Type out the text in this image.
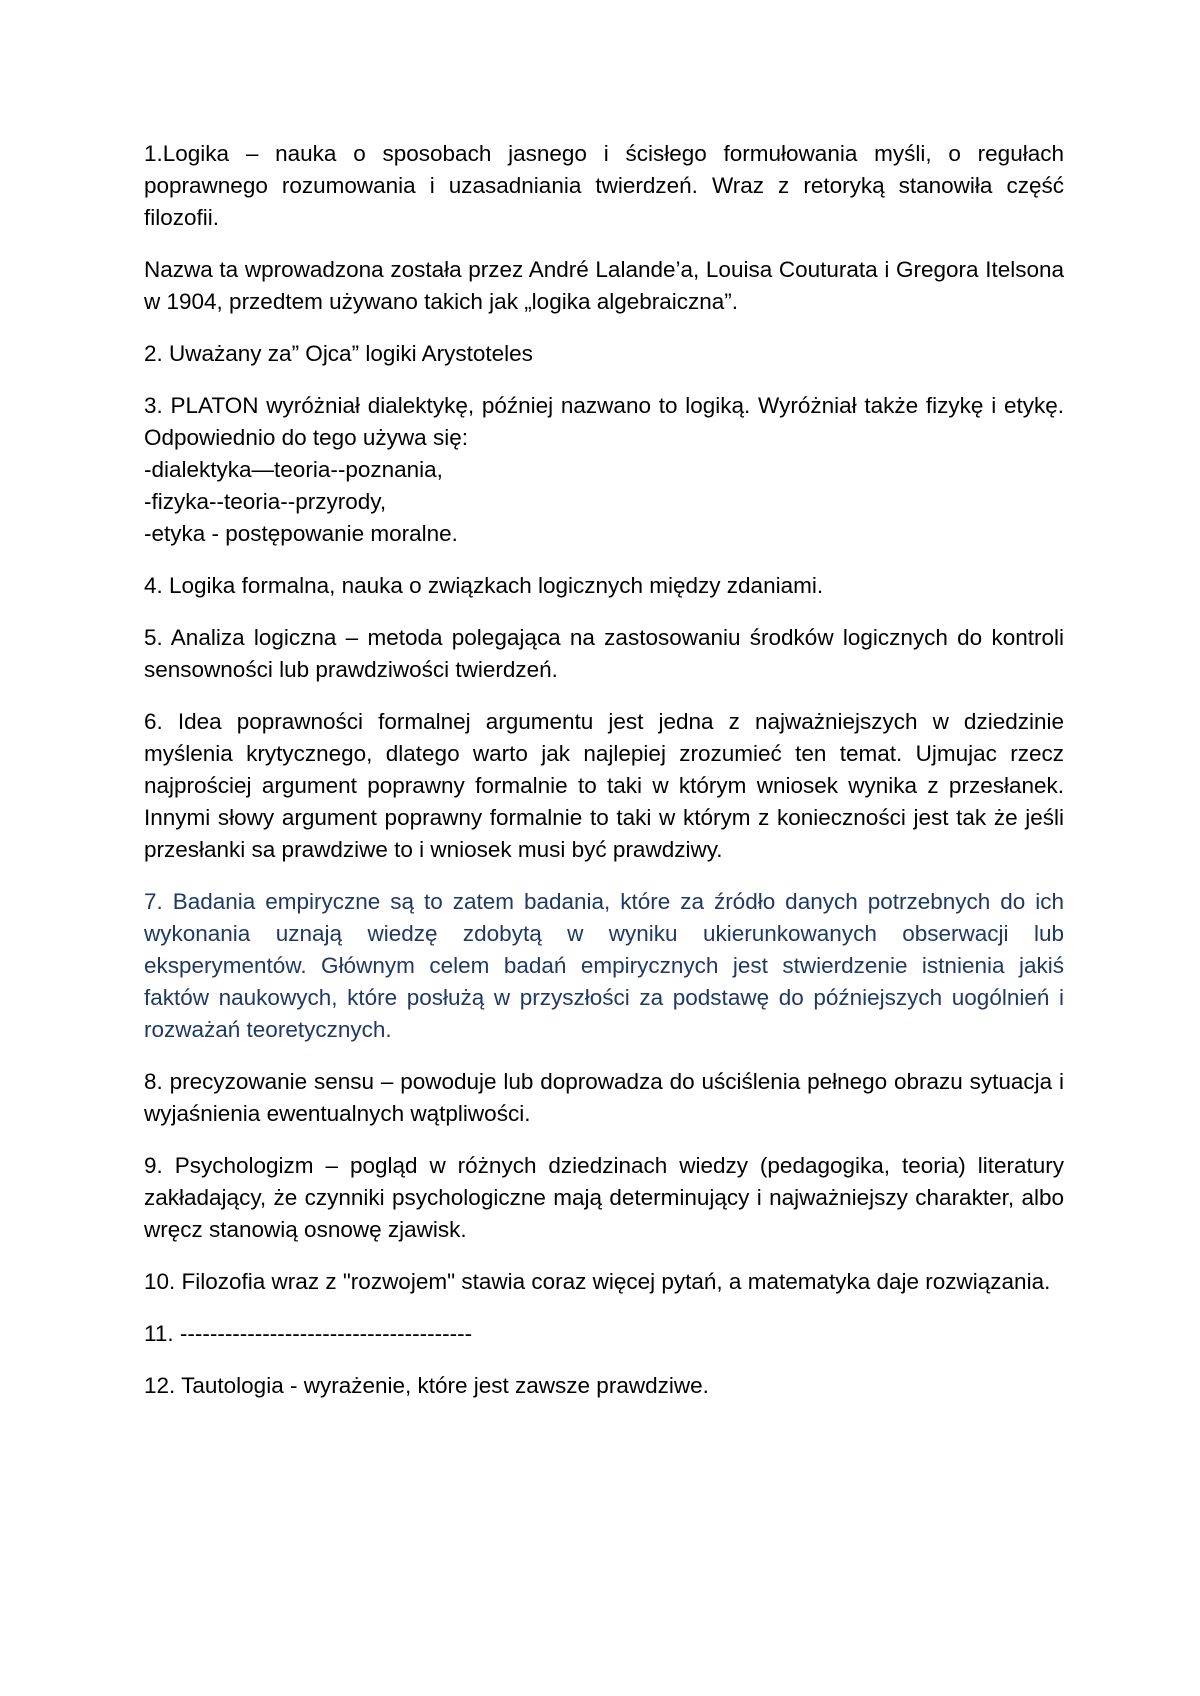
1.Logika – nauka o sposobach jasnego i ścisłego formułowania myśli, o regułach poprawnego rozumowania i uzasadniania twierdzeń. Wraz z retoryką stanowiła część filozofii.

Nazwa ta wprowadzona została przez André Lalande’a, Louisa Couturata i Gregora Itelsona w 1904, przedtem używano takich jak „logika algebraiczna”.

2. Uważany za” Ojca” logiki Arystoteles

3. PLATON wyróżniał dialektykę, później nazwano to logiką. Wyróżniał także fizykę i etykę. Odpowiednio do tego używa się:
-dialektyka—teoria--poznania,
-fizyka--teoria--przyrody,
-etyka - postępowanie moralne.

4. Logika formalna, nauka o związkach logicznych między zdaniami.

5. Analiza logiczna – metoda polegająca na zastosowaniu środków logicznych do kontroli sensowności lub prawdziwości twierdzeń.

6. Idea poprawności formalnej argumentu jest jedna z najważniejszych w dziedzinie myślenia krytycznego, dlatego warto jak najlepiej zrozumieć ten temat. Ujmujac rzecz najprościej argument poprawny formalnie to taki w którym wniosek wynika z przesłanek. Innymi słowy argument poprawny formalnie to taki w którym z konieczności jest tak że jeśli przesłanki sa prawdziwe to i wniosek musi być prawdziwy.

7. Badania empiryczne są to zatem badania, które za źródło danych potrzebnych do ich wykonania uznają wiedzę zdobytą w wyniku ukierunkowanych obserwacji lub eksperymentów. Głównym celem badań empirycznych jest stwierdzenie istnienia jakiś faktów naukowych, które posłużą w przyszłości za podstawę do późniejszych uogólnień i rozważań teoretycznych.

8. precyzowanie sensu – powoduje lub doprowadza do uściślenia pełnego obrazu sytuacja i wyjaśnienia ewentualnych wątpliwości.

9. Psychologizm – pogląd w różnych dziedzinach wiedzy (pedagogika, teoria) literatury zakładający, że czynniki psychologiczne mają determinujący i najważniejszy charakter, albo wręcz stanowią osnowę zjawisk.

10. Filozofia wraz z "rozwojem" stawia coraz więcej pytań, a matematyka daje rozwiązania.

11. ---------------------------------------

12. Tautologia - wyrażenie, które jest zawsze prawdziwe.
